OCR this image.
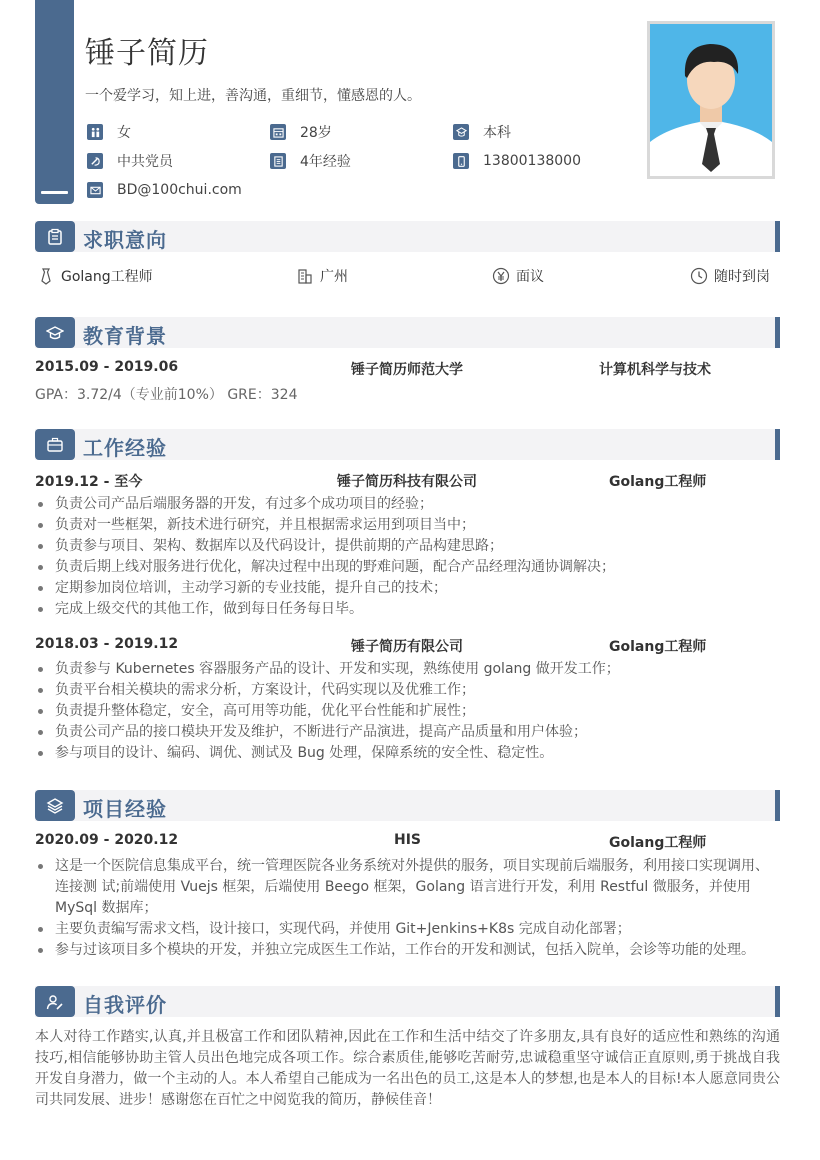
锤子简历
一个爱学习，知上进，善沟通，重细节，懂感恩的人。
女	28岁	本科
中共党员	4年经验	13800138000
BD@100chui.com
求职意向
Golang工程师	广州	面议	随时到岗
教育背景
2015.09 - 2019.06	锤子简历师范大学	计算机科学与技术
GPA：3.72/4（专业前10%） GRE：324
工作经验
2019.12 - 至今	锤子简历科技有限公司	Golang工程师
负责公司产品后端服务器的开发，有过多个成功项目的经验；
负责对一些框架，新技术进行研究，并且根据需求运用到项目当中；
负责参与项目、架构、数据库以及代码设计，提供前期的产品构建思路；
负责后期上线对服务进行优化，解决过程中出现的野难问题，配合产品经理沟通协调解决；
定期参加岗位培训，主动学习新的专业技能，提升自己的技术；
完成上级交代的其他工作，做到每日任务每日毕。
2018.03 - 2019.12	锤子简历有限公司	Golang工程师
负责参与 Kubernetes 容器服务产品的设计、开发和实现，熟练使用 golang 做开发工作；
负责平台相关模块的需求分析，方案设计，代码实现以及优雅工作；
负责提升整体稳定，安全，高可用等功能，优化平台性能和扩展性；
负责公司产品的接口模块开发及维护，不断进行产品演进，提高产品质量和用户体验；
参与项目的设计、编码、调优、测试及 Bug 处理，保障系统的安全性、稳定性。
项目经验
2020.09 - 2020.12	HIS	Golang工程师
这是一个医院信息集成平台，统一管理医院各业务系统对外提供的服务，项目实现前后端服务，利用接口实现调用、连接测 试;前端使用 Vuejs 框架，后端使用 Beego 框架，Golang 语言进行开发，利用 Restful 微服务，并使用 MySql 数据库；
主要负责编写需求文档，设计接口，实现代码，并使用 Git+Jenkins+K8s 完成自动化部署；
参与过该项目多个模块的开发，并独立完成医生工作站，工作台的开发和测试，包括入院单，会诊等功能的处理。
自我评价
本人对待工作踏实,认真,并且极富工作和团队精神,因此在工作和生活中结交了许多朋友,具有良好的适应性和熟练的沟通技巧,相信能够协助主管人员出色地完成各项工作。综合素质佳,能够吃苦耐劳,忠诚稳重坚守诚信正直原则,勇于挑战自我开发自身潜力，做一个主动的人。本人希望自己能成为一名出色的员工,这是本人的梦想,也是本人的目标!本人愿意同贵公司共同发展、进步！感谢您在百忙之中阅览我的简历，静候佳音！
